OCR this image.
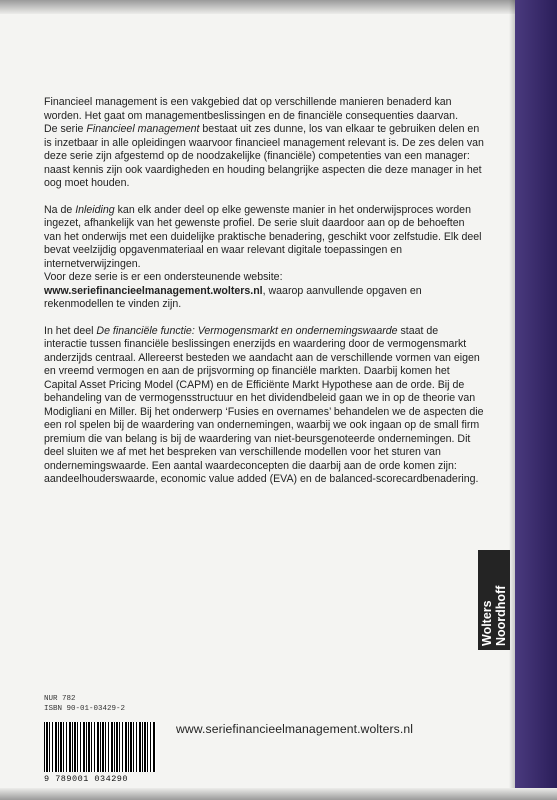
Financieel management is een vakgebied dat op verschillende manieren benaderd kan worden. Het gaat om managementbeslissingen en de financiële consequenties daarvan.

De serie Financieel management bestaat uit zes dunne, los van elkaar te gebruiken delen en is inzetbaar in alle opleidingen waarvoor financieel management relevant is. De zes delen van deze serie zijn afgestemd op de noodzakelijke (financiële) competenties van een manager: naast kennis zijn ook vaardigheden en houding belangrijke aspecten die deze manager in het oog moet houden.

Na de Inleiding kan elk ander deel op elke gewenste manier in het onderwijsproces worden ingezet, afhankelijk van het gewenste profiel. De serie sluit daardoor aan op de behoeften van het onderwijs met een duidelijke praktische benadering, geschikt voor zelfstudie. Elk deel bevat veelzijdig opgavenmateriaal en waar relevant digitale toepassingen en internetverwijzingen.

Voor deze serie is er een ondersteunende website: www.seriefinancieelmanagement.wolters.nl, waarop aanvullende opgaven en rekenmodellen te vinden zijn.

In het deel De financiële functie: Vermogensmarkt en ondernemingswaarde staat de interactie tussen financiële beslissingen enerzijds en waardering door de vermogensmarkt anderzijds centraal. Allereerst besteden we aandacht aan de verschillende vormen van eigen en vreemd vermogen en aan de prijsvorming op financiële markten. Daarbij komen het Capital Asset Pricing Model (CAPM) en de Efficiënte Markt Hypothese aan de orde. Bij de behandeling van de vermogensstructuur en het dividendbeleid gaan we in op de theorie van Modigliani en Miller. Bij het onderwerp ‘Fusies en overnames’ behandelen we de aspecten die een rol spelen bij de waardering van ondernemingen, waarbij we ook ingaan op de small firm premium die van belang is bij de waardering van niet-beursgenoteerde ondernemingen. Dit deel sluiten we af met het bespreken van verschillende modellen voor het sturen van ondernemingswaarde. Een aantal waardeconcepten die daarbij aan de orde komen zijn: aandeelhouderswaarde, economic value added (EVA) en de balanced-scorecardbenadering.

Wolters Noordhoff
NUR 782
ISBN 90-01-03429-2
9 789001 034290
www.seriefinancieelmanagement.wolters.nl
